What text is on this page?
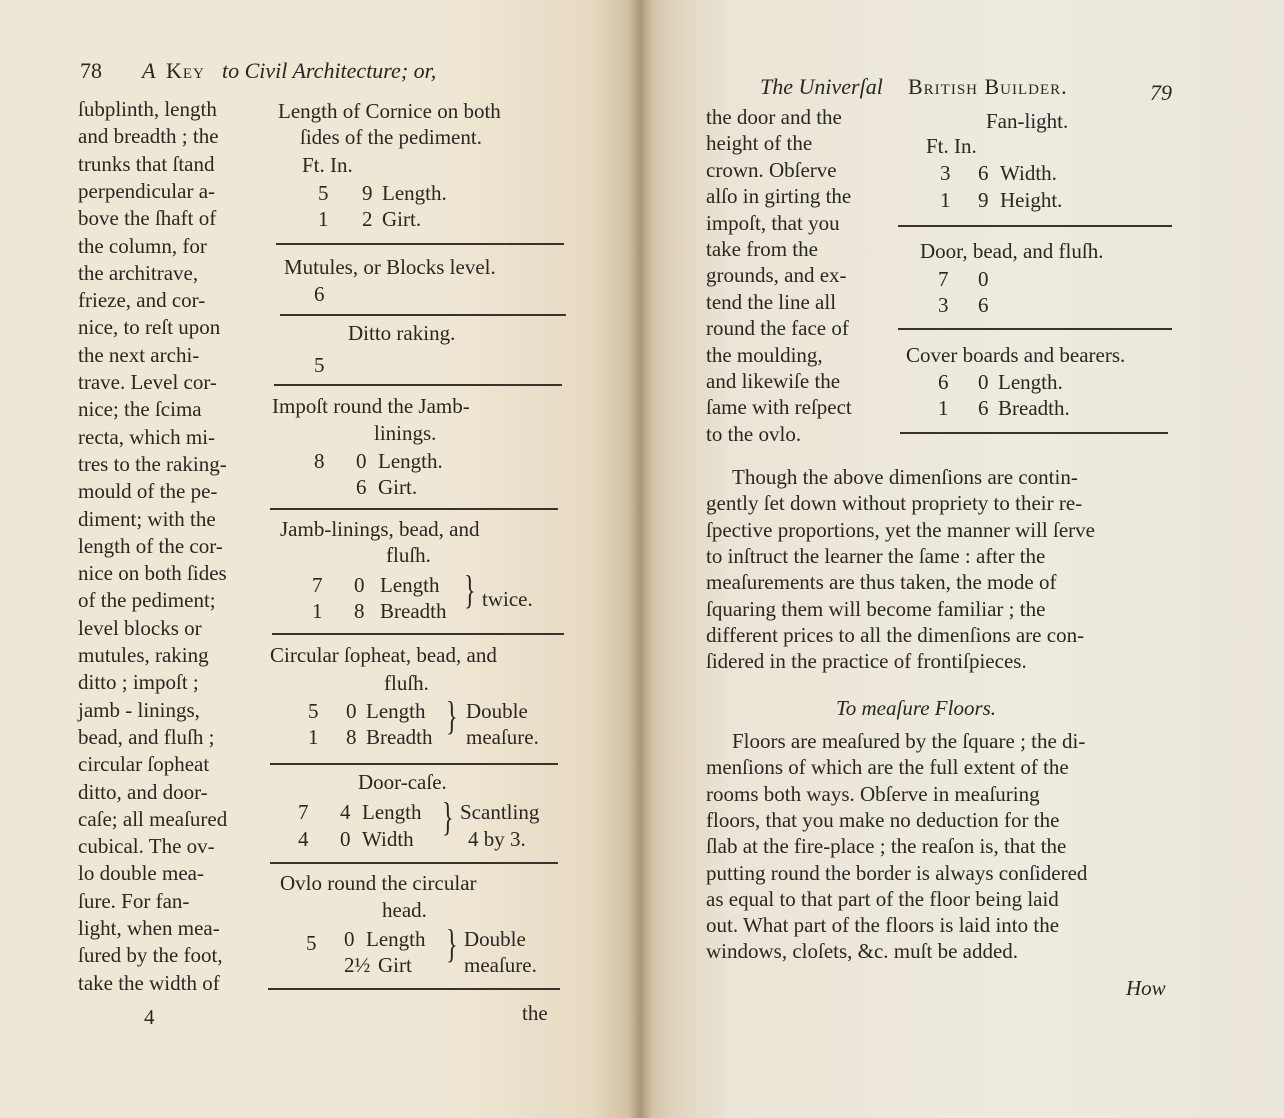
78 A Key to Civil Architecture; or,
ſubplinth, length
and breadth ; the
trunks that ſtand
perpendicular a-
bove the ſhaft of
the column, for
the architrave,
frieze, and cor-
nice, to reſt upon
the next archi-
trave. Level cor-
nice; the ſcima
recta, which mi-
tres to the raking-
mould of the pe-
diment; with the
length of the cor-
nice on both ſides
of the pediment;
level blocks or
mutules, raking
ditto ; impoſt ;
jamb - linings,
bead, and fluſh ;
circular ſopheat
ditto, and door-
caſe; all meaſured
cubical. The ov-
lo double mea-
ſure. For fan-
light, when mea-
ſured by the foot,
take the width of
Length of Cornice on both
ſides of the pediment.
Ft. In.
5 9 Length.
1 2 Girt.
Mutules, or Blocks level.
6
Ditto raking.
5
Impoſt round the Jamb-
linings.
8 0 Length.
6 Girt.
Jamb-linings, bead, and
fluſh.
7 0 Length
1 8 Breadth } twice.
Circular ſopheat, bead, and
fluſh.
5 0 Length
1 8 Breadth } Double
meaſure.
Door-caſe.
7 4 Length
4 0 Width } Scantling
4 by 3.
Ovlo round the circular
head.
5 0 Length
2½ Girt } Double
meaſure.
4	the
The Univerſal British Builder.	79
the door and the
height of the
crown. Obſerve
alſo in girting the
impoſt, that you
take from the
grounds, and ex-
tend the line all
round the face of
the moulding,
and likewiſe the
ſame with reſpect
to the ovlo.
Fan-light.
Ft. In.
3 6 Width.
1 9 Height.
Door, bead, and fluſh.
7 0
3 6
Cover boards and bearers.
6 0 Length.
1 6 Breadth.
Though the above dimenſions are contin-
gently ſet down without propriety to their re-
ſpective proportions, yet the manner will ſerve
to inſtruct the learner the ſame : after the
meaſurements are thus taken, the mode of
ſquaring them will become familiar ; the
different prices to all the dimenſions are con-
ſidered in the practice of frontiſpieces.
To meaſure Floors.
Floors are meaſured by the ſquare ; the di-
menſions of which are the full extent of the
rooms both ways. Obſerve in meaſuring
floors, that you make no deduction for the
ſlab at the fire-place ; the reaſon is, that the
putting round the border is always conſidered
as equal to that part of the floor being laid
out. What part of the floors is laid into the
windows, cloſets, &c. muſt be added.
How
